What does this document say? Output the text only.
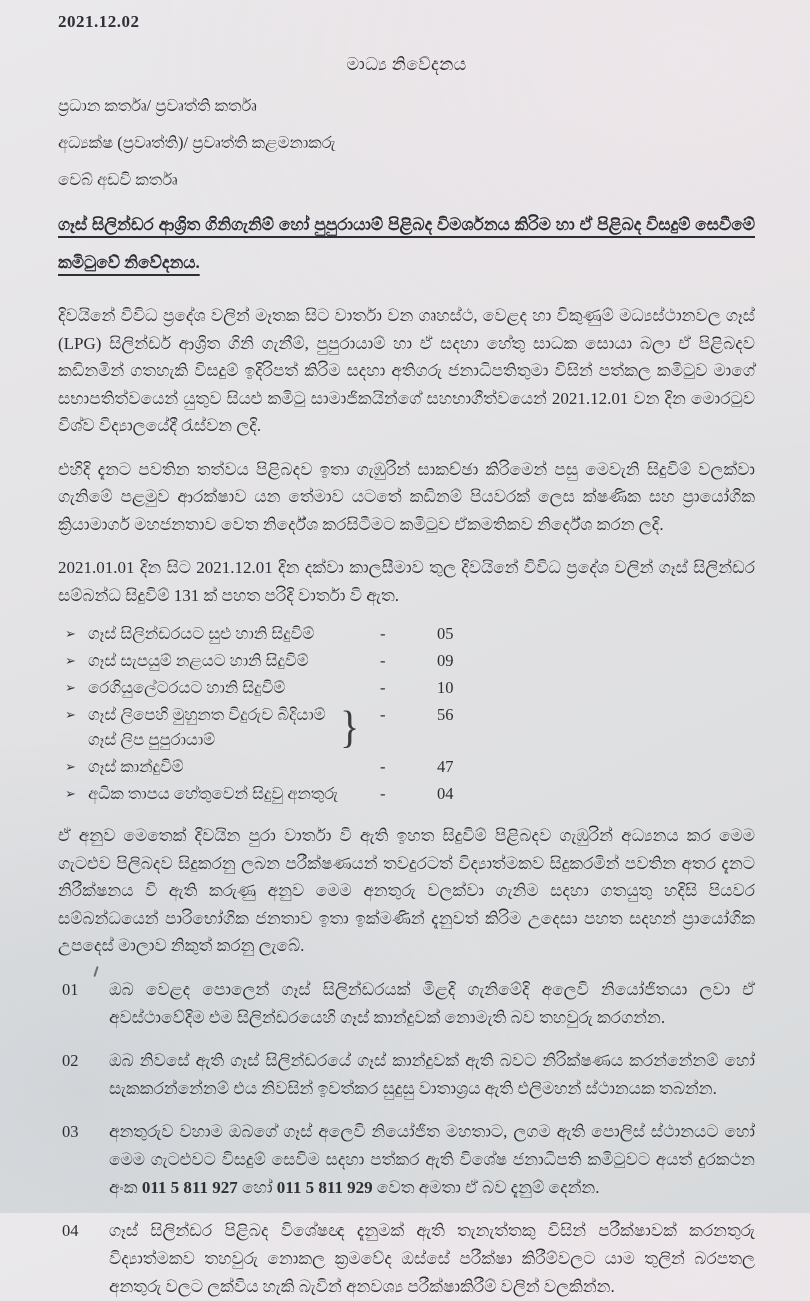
2021.12.02
මාධ්‍ය නිවේදනය
ප්‍රධාන කර්තෘ/ ප්‍රවෘත්ති කර්තෘ
අධ්‍යක්ෂ (ප්‍රවෘත්ති)/ ප්‍රවෘත්ති කළමනාකරු
වෙබ් අඩවි කර්තෘ
ගෑස් සිලින්ඩර ආශ්‍රිත ගිනිගැනිම් හෝ පුපුරායාම් පිළිබද විමර්ශනය කිරිම හා ඒ පිළිබද විසදුම් සෙවීමේ කමිටුවේ නිවේදනය.
දිවයිනේ විවිධ ප්‍රදේශ වලින් මෑතක සිට වාර්තා වන ගෘහස්ථ, වෙළද හා විකුණුම් මධ්‍යස්ථානවල ගෑස් (LPG) සිලින්ඩර් ආශ්‍රිත ගිනි ගැනීම්, පුපුරායාම් හා ඒ සදහා හේතු සාධක සොයා බලා ඒ පිළිබදව කඩිනමින් ගතහැකි විසදුම් ඉදිරිපත් කිරිම සදහා අතිගරු ජනාධිපතිතුමා විසින් පත්කල කමිටුව මාගේ සභාපතිත්වයෙන් යුතුව සියළු කමිටු සාමාජිකයින්ගේ සහභාගීත්වයෙන් 2021.12.01 වන දින මොරටුව විශ්ව විද්‍යාලයේදී රැස්වන ලදි.
එහිදි දැනට පවතින තත්වය පිළිබදව ඉතා ගැඹුරින් සාකච්ඡා කිරිමෙන් පසු මෙවැනි සිදුවිම් වලක්වා ගැනිමේ පළමුව ආරක්ෂාව යන තේමාව යටතේ කඩිනම් පියවරක් ලෙස ක්ෂණික සහ ප්‍රායෝගික ක්‍රියාමාර්ග මහජනතාව වෙත නිර්දේශ කරසිටීමට කමිටුව ඒකමතිකව නිර්දේශ කරන ලදි.
2021.01.01 දින සිට 2021.12.01 දින දක්වා කාලසීමාව තුල දිවයිනේ විවිධ ප්‍රදේශ වලින් ගෑස් සිලින්ඩර සම්බන්ධ සිදුවිම් 131 ක් පහත පරිදි වාර්තා වි ඇත.
➢ ගෑස් සිලින්ඩරයට සුළු හානි සිදුවිම්	-	05
➢ ගෑස් සැපයුම් නළයට හානි සිදුවිම්	-	09
➢ රෙගියුලේටරයට හානි සිදුවිම්	-	10
➢ ගෑස් ලිපෙහි මුහුනත විදුරුව බිදියාම්
ගෑස් ලිප පුපුරායාම්	}	-	56
➢ ගෑස් කාන්දුවිම්	-	47
➢ අධික තාපය හේතුවෙන් සිදුවු අනතුරු	-	04
ඒ අනුව මෙතෙක් දිවයින පුරා වාර්තා වි ඇති ඉහත සිදුවිම් පිළිබදව ගැඹුරින් අධ්‍යනය කර මෙම ගැටළුව පිලිබදව සිදුකරනු ලබන පරීක්ෂණයන් තවදුරටත් විද්‍යාත්මකව සිදුකරමින් පවතින අතර දැනට නිරීක්ෂනය වි ඇති කරුණු අනුව මෙම අනතුරු වලක්වා ගැනිම සදහා ගතයුතු හදිසි පියවර සම්බන්ධයෙන් පාරිභෝගික ජනතාව ඉතා ඉක්මණින් දැනුවත් කිරිම උදෙසා පහත සදහන් ප්‍රායෝගික උපදෙස් මාලාව නිකුත් කරනු ලැබේ.
01	ඔබ වෙළද පොලෙන් ගෑස් සිලින්ඩරයක් මිළදි ගැනිමේදි අලෙවි නියෝජිතයා ලවා ඒ අවස්ථාවේදිම එම සිලින්ඩරයෙහි ගෑස් කාන්දුවක් නොමැති බව තහවුරු කරගන්න.
02	ඔබ නිවසේ ඇති ගෑස් සිලින්ඩරයේ ගෑස් කාන්දුවක් ඇති බවට නිරික්ෂණය කරන්නේනම් හෝ සැකකරන්නේනම් එය නිවසින් ඉවත්කර සුදුසු වාතාශ්‍රය ඇති එලිමහන් ස්ථානයක තබන්න.
03	අනතුරුව වහාම ඔබගේ ගෑස් අලෙවි නියෝජිත මහතාට, ලගම ඇති පොලිස් ස්ථානයට හෝ මෙම ගැටළුවට විසදුම් සෙවිම සදහා පත්කර ඇති විශේෂ ජනාධිපති කමිටුවට අයත් දුරකථන අංක 011 5 811 927 හෝ 011 5 811 929 වෙත අමතා ඒ බව දැනුම් දෙන්න.
04	ගෑස් සිලින්ඩර පිළිබද විශේෂඥ දැනුමක් ඇති තැනැත්තකු විසින් පරීක්ෂාවක් කරනතුරු විද්‍යාත්මකව තහවුරු නොකල ක්‍රමවේද ඔස්සේ පරීක්ෂා කිරීම්වලට යාම තුලින් බරපතල අනතුරු වලට ලක්විය හැකි බැවින් අනවශ්‍ය පරීක්ෂාකිරීම් වලින් වලකින්න.
